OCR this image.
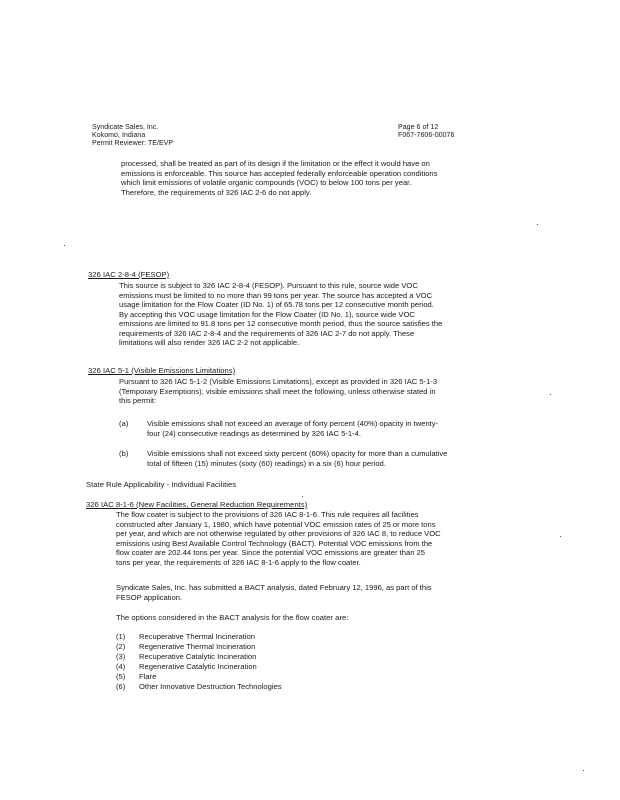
Syndicate Sales, Inc.
Kokomo, Indiana
Permit Reviewer: TE/EVP
Page 6 of 12
F067-7606-00076
processed, shall be treated as part of its design if the limitation or the effect it would have on
emissions is enforceable. This source has accepted federally enforceable operation conditions
which limit emissions of volatile organic compounds (VOC) to below 100 tons per year.
Therefore, the requirements of 326 IAC 2-6 do not apply.
326 IAC 2-8-4 (FESOP)
This source is subject to 326 IAC 2-8-4 (FESOP). Pursuant to this rule, source wide VOC
emissions must be limited to no more than 99 tons per year. The source has accepted a VOC
usage limitation for the Flow Coater (ID No. 1) of 65.78 tons per 12 consecutive month period.
By accepting this VOC usage limitation for the Flow Coater (ID No. 1), source wide VOC
emissions are limited to 91.8 tons per 12 consecutive month period, thus the source satisfies the
requirements of 326 IAC 2-8-4 and the requirements of 326 IAC 2-7 do not apply. These
limitations will also render 326 IAC 2-2 not applicable.
326 IAC 5-1 (Visible Emissions Limitations)
Pursuant to 326 IAC 5-1-2 (Visible Emissions Limitations), except as provided in 326 IAC 5-1-3
(Temporary Exemptions), visible emissions shall meet the following, unless otherwise stated in
this permit:
(a) Visible emissions shall not exceed an average of forty percent (40%) opacity in twenty-
four (24) consecutive readings as determined by 326 IAC 5-1-4.
(b) Visible emissions shall not exceed sixty percent (60%) opacity for more than a cumulative
total of fifteen (15) minutes (sixty (60) readings) in a six (6) hour period.
State Rule Applicability - Individual Facilities
326 IAC 8-1-6 (New Facilities, General Reduction Requirements)
The flow coater is subject to the provisions of 326 IAC 8-1-6. This rule requires all facilities
constructed after January 1, 1980, which have potential VOC emission rates of 25 or more tons
per year, and which are not otherwise regulated by other provisions of 326 IAC 8, to reduce VOC
emissions using Best Available Control Technology (BACT). Potential VOC emissions from the
flow coater are 202.44 tons per year. Since the potential VOC emissions are greater than 25
tons per year, the requirements of 326 IAC 8-1-6 apply to the flow coater.
Syndicate Sales, Inc. has submitted a BACT analysis, dated February 12, 1996, as part of this
FESOP application.
The options considered in the BACT analysis for the flow coater are:
(1) Recuperative Thermal Incineration
(2) Regenerative Thermal Incineration
(3) Recuperative Catalytic Incineration
(4) Regenerative Catalytic Incineration
(5) Flare
(6) Other Innovative Destruction Technologies
